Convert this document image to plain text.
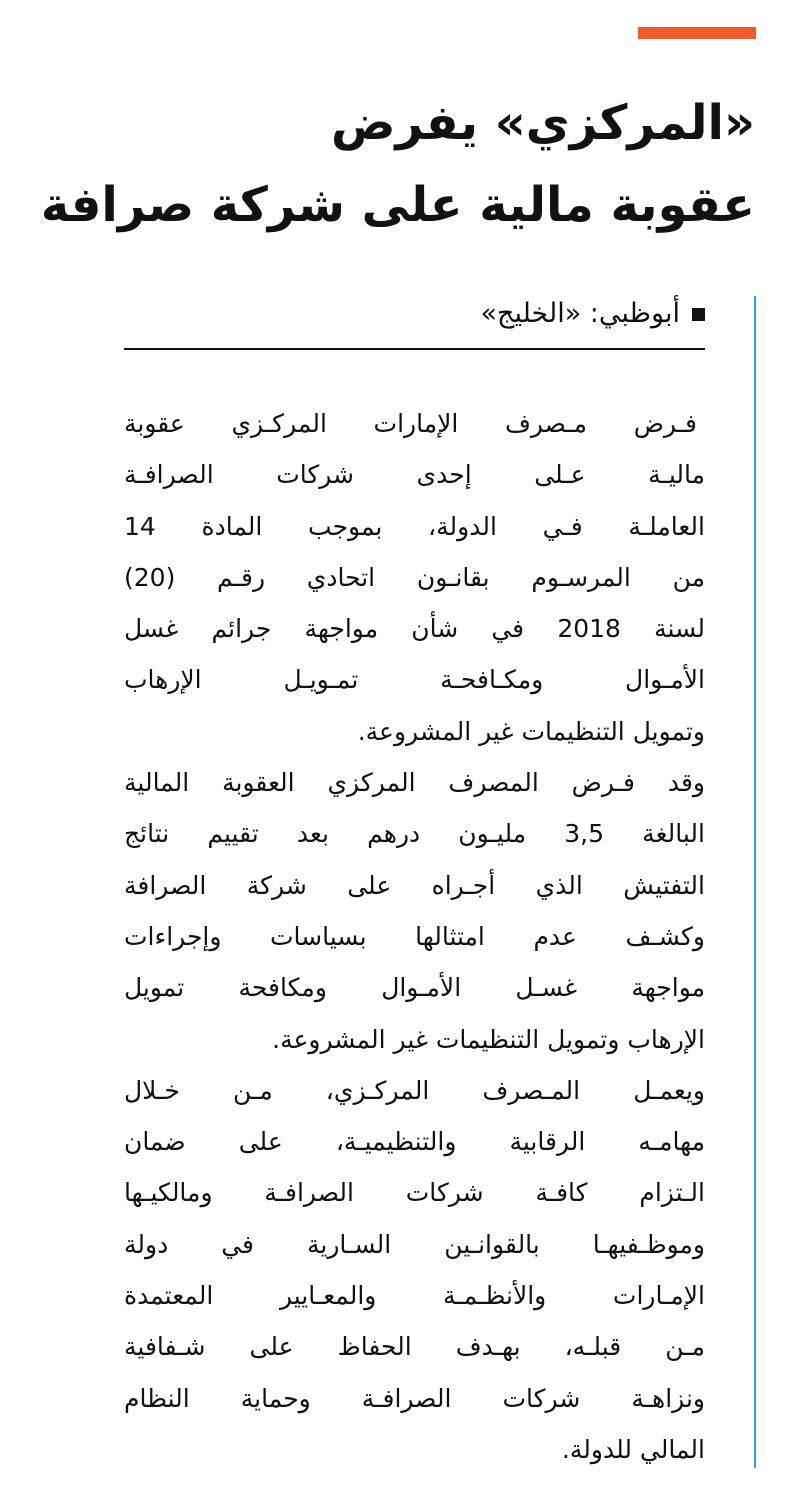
«المركزي» يفرض
عقوبة مالية على شركة صرافة
أبوظبي: «الخليج»
فـرض مـصرف الإمارات المركـزي عقوبة
ماليـة عـلى إحدى شركات الصرافـة
العاملـة فـي الدولة، بموجب المادة 14
من المرسـوم بقانـون اتحادي رقـم (20)
لسنة 2018 في شأن مواجهة جرائم غسل
الأمـوال ومكـافحـة تمـويـل الإرهاب
وتمويل التنظيمات غير المشروعة.
وقد فـرض المصرف المركزي العقوبة المالية
البالغة 3,5 مليـون درهم بعد تقييم نتائج
التفتيش الذي أجـراه على شركة الصرافة
وكشـف عدم امتثالها بسياسات وإجراءات
مواجهة غسـل الأمـوال ومكافحة تمويل
الإرهاب وتمويل التنظيمات غير المشروعة.
ويعمـل المـصرف المركـزي، مـن خـلال
مهامـه الرقابية والتنظيميـة، على ضمان
الـتزام كافـة شركات الصرافـة ومالكيـها
وموظـفيهـا بالقوانـين السـارية في دولة
الإمـارات والأنظـمـة والمعـايير المعتمدة
مـن قبلـه، بهـدف الحفاظ على شـفافية
ونزاهـة شركات الصرافـة وحماية النظام
المالي للدولة.
